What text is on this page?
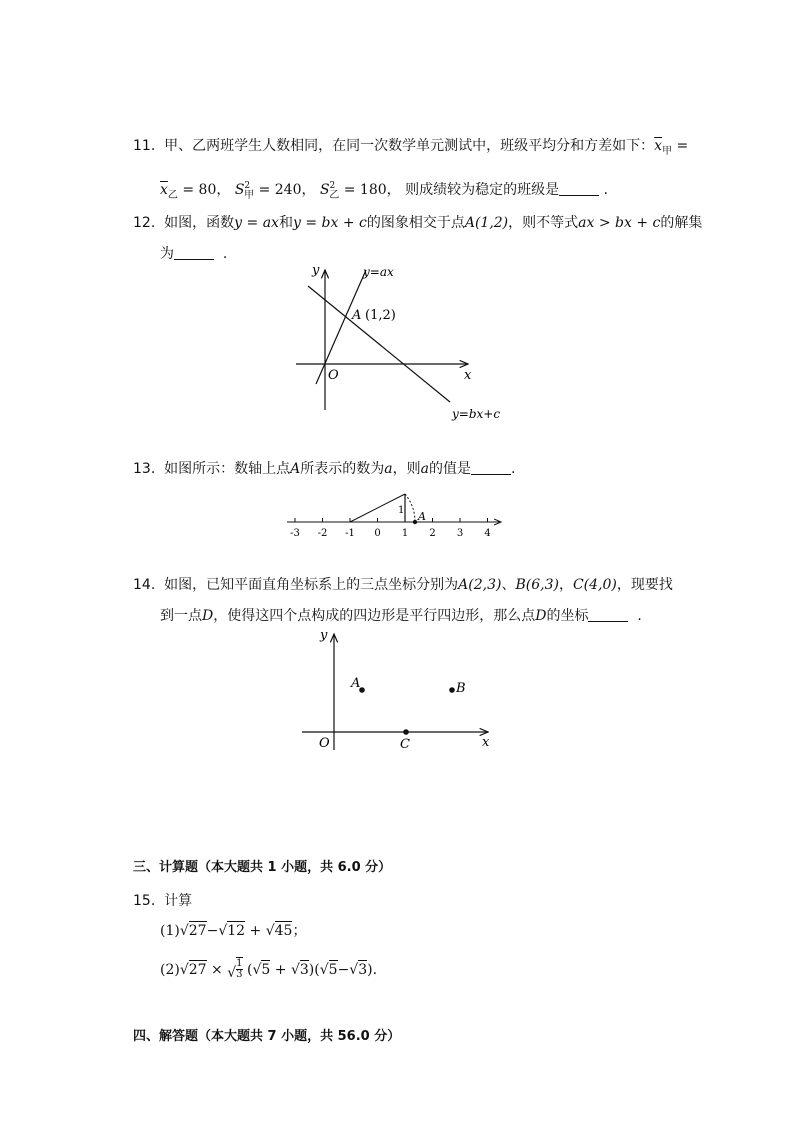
11. 甲、乙两班学生人数相同，在同一次数学单元测试中，班级平均分和方差如下：$\overline{x}_甲$ =
$\overline{x}_乙 = 80$， $S^2_甲 = 240$， $S^2_乙 = 180$， 则成绩较为稳定的班级是	.
12. 如图，函数y = ax和y = bx + c的图象相交于点A(1,2)，则不等式ax > bx + c的解集
为	.
y
x
O
A (1,2)
y=ax
y=bx+c
13. 如图所示：数轴上点A所表示的数为a，则a的值是	.
-3 -2 -1 0 1 2 3 4
1 A
14. 如图，已知平面直角坐标系上的三点坐标分别为A(2,3)、B(6,3)，C(4,0)，现要找
到一点D，使得这四个点构成的四边形是平行四边形，那么点D的坐标	.
y
x
O
A	B
C
三、计算题（本大题共 1 小题，共 6.0 分）
15. 计算
(1)√27−√12 + √45；
(2)√27 × √ $\frac{1}{3} (√5 + √3)(√5-√3)$.
四、解答题（本大题共 7 小题，共 56.0 分）
